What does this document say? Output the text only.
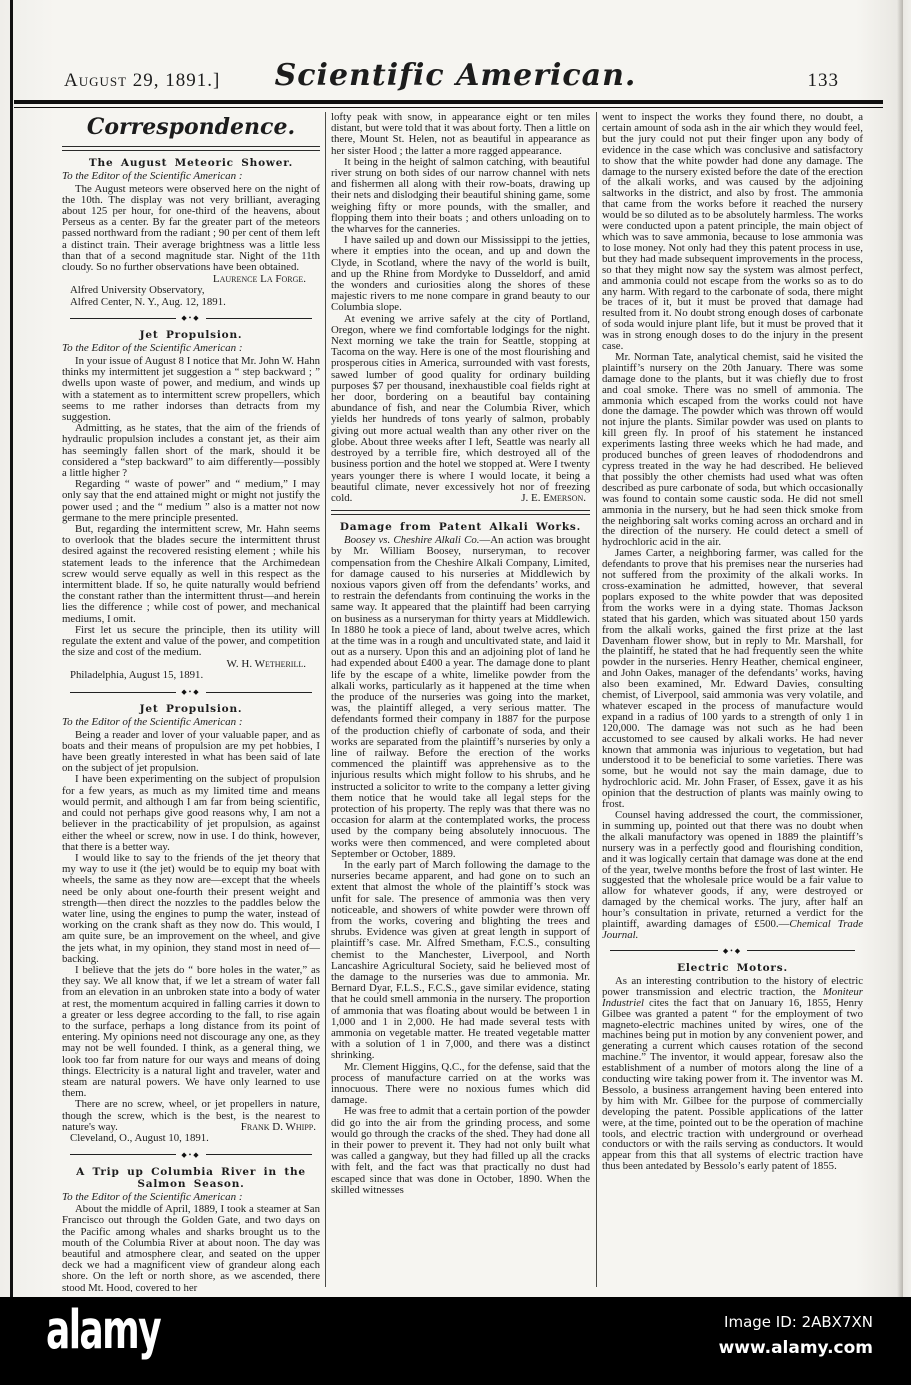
August 29, 1891.]	Scientific American.	133
Correspondence.
The August Meteoric Shower.

To the Editor of the Scientific American :

The August meteors were observed here on the night of the 10th. The display was not very brilliant, averaging about 125 per hour, for one-third of the heavens, about Perseus as a center. By far the greater part of the meteors passed northward from the radiant ; 90 per cent of them left a distinct train. Their average brightness was a little less than that of a second magnitude star. Night of the 11th cloudy. So no further observations have been obtained.

Laurence La Forge.

Alfred University Observatory,

Alfred Center, N. Y., Aug. 12, 1891.

◆•◆
Jet Propulsion.

To the Editor of the Scientific American :

In your issue of August 8 I notice that Mr. John W. Hahn thinks my intermittent jet suggestion a “ step backward ; ” dwells upon waste of power, and medium, and winds up with a statement as to intermittent screw propellers, which seems to me rather indorses than detracts from my suggestion.

Admitting, as he states, that the aim of the friends of hydraulic propulsion includes a constant jet, as their aim has seemingly fallen short of the mark, should it be considered a “step backward” to aim differently—possibly a little higher ?

Regarding “ waste of power” and “ medium,” I may only say that the end attained might or might not justify the power used ; and the “ medium ” also is a matter not now germane to the mere principle presented.

But, regarding the intermittent screw, Mr. Hahn seems to overlook that the blades secure the intermittent thrust desired against the recovered resisting element ; while his statement leads to the inference that the Archimedean screw would serve equally as well in this respect as the intermittent blade. If so, he quite naturally would befriend the constant rather than the intermittent thrust—and herein lies the difference ; while cost of power, and mechanical mediums, I omit.

First let us secure the principle, then its utility will regulate the extent and value of the power, and competition the size and cost of the medium.

W. H. Wetherill.

Philadelphia, August 15, 1891.

◆•◆
Jet Propulsion.

To the Editor of the Scientific American :

Being a reader and lover of your valuable paper, and as boats and their means of propulsion are my pet hobbies, I have been greatly interested in what has been said of late on the subject of jet propulsion.

I have been experimenting on the subject of propulsion for a few years, as much as my limited time and means would permit, and although I am far from being scientific, and could not perhaps give good reasons why, I am not a believer in the practicability of jet propulsion, as against either the wheel or screw, now in use. I do think, however, that there is a better way.

I would like to say to the friends of the jet theory that my way to use it (the jet) would be to equip my boat with wheels, the same as they now are—except that the wheels need be only about one-fourth their present weight and strength—then direct the nozzles to the paddles below the water line, using the engines to pump the water, instead of working on the crank shaft as they now do. This would, I am quite sure, be an improvement on the wheel, and give the jets what, in my opinion, they stand most in need of—backing.

I believe that the jets do “ bore holes in the water,” as they say. We all know that, if we let a stream of water fall from an elevation in an unbroken state into a body of water at rest, the momentum acquired in falling carries it down to a greater or less degree according to the fall, to rise again to the surface, perhaps a long distance from its point of entering. My opinions need not discourage any one, as they may not be well founded. I think, as a general thing, we look too far from nature for our ways and means of doing things. Electricity is a natural light and traveler, water and steam are natural powers. We have only learned to use them.

There are no screw, wheel, or jet propellers in nature, though the screw, which is the best, is the nearest to nature's way.	Frank D. Whipp.

Cleveland, O., August 10, 1891.

◆•◆
A Trip up Columbia River in the Salmon Season.

To the Editor of the Scientific American :

About the middle of April, 1889, I took a steamer at San Francisco out through the Golden Gate, and two days on the Pacific among whales and sharks brought us to the mouth of the Columbia River at about noon. The day was beautiful and atmosphere clear, and seated on the upper deck we had a magnificent view of grandeur along each shore. On the left or north shore, as we ascended, there stood Mt. Hood, covered to her

lofty peak with snow, in appearance eight or ten miles distant, but were told that it was about forty. Then a little on there, Mount St. Helen, not as beautiful in appearance as her sister Hood ; the latter a more ragged appearance.

It being in the height of salmon catching, with beautiful river strung on both sides of our narrow channel with nets and fishermen all along with their row-boats, drawing up their nets and dislodging their beautiful shining game, some weighing fifty or more pounds, with the smaller, and flopping them into their boats ; and others unloading on to the wharves for the canneries.

I have sailed up and down our Mississippi to the jetties, where it empties into the ocean, and up and down the Clyde, in Scotland, where the navy of the world is built, and up the Rhine from Mordyke to Dusseldorf, and amid the wonders and curiosities along the shores of these majestic rivers to me none compare in grand beauty to our Columbia slope.

At evening we arrive safely at the city of Portland, Oregon, where we find comfortable lodgings for the night. Next morning we take the train for Seattle, stopping at Tacoma on the way. Here is one of the most flourishing and prosperous cities in America, surrounded with vast forests, sawed lumber of good quality for ordinary building purposes $7 per thousand, inexhaustible coal fields right at her door, bordering on a beautiful bay containing abundance of fish, and near the Columbia River, which yields her hundreds of tons yearly of salmon, probably giving out more actual wealth than any other river on the globe. About three weeks after I left, Seattle was nearly all destroyed by a terrible fire, which destroyed all of the business portion and the hotel we stopped at. Were I twenty years younger there is where I would locate, it being a beautiful climate, never excessively hot nor of freezing cold.	J. E. Emerson.

Damage from Patent Alkali Works.

Boosey vs. Cheshire Alkali Co.—An action was brought by Mr. William Boosey, nurseryman, to recover compensation from the Cheshire Alkali Company, Limited, for damage caused to his nurseries at Middlewich by noxious vapors given off from the defendants’ works, and to restrain the defendants from continuing the works in the same way. It appeared that the plaintiff had been carrying on business as a nurseryman for thirty years at Middlewich. In 1880 he took a piece of land, about twelve acres, which at the time was in a rough and uncultivated state, and laid it out as a nursery. Upon this and an adjoining plot of land he had expended about £400 a year. The damage done to plant life by the escape of a white, limelike powder from the alkali works, particularly as it happened at the time when the produce of the nurseries was going into the market, was, the plaintiff alleged, a very serious matter. The defendants formed their company in 1887 for the purpose of the production chiefly of carbonate of soda, and their works are separated from the plaintiff’s nurseries by only a line of railway. Before the erection of the works commenced the plaintiff was apprehensive as to the injurious results which might follow to his shrubs, and he instructed a solicitor to write to the company a letter giving them notice that he would take all legal steps for the protection of his property. The reply was that there was no occasion for alarm at the contemplated works, the process used by the company being absolutely innocuous. The works were then commenced, and were completed about September or October, 1889.

In the early part of March following the damage to the nurseries became apparent, and had gone on to such an extent that almost the whole of the plaintiff’s stock was unfit for sale. The presence of ammonia was then very noticeable, and showers of white powder were thrown off from the works, covering and blighting the trees and shrubs. Evidence was given at great length in support of plaintiff’s case. Mr. Alfred Smetham, F.C.S., consulting chemist to the Manchester, Liverpool, and North Lancashire Agricultural Society, said he believed most of the damage to the nurseries was due to ammonia. Mr. Bernard Dyar, F.L.S., F.C.S., gave similar evidence, stating that he could smell ammonia in the nursery. The proportion of ammonia that was floating about would be between 1 in 1,000 and 1 in 2,000. He had made several tests with ammonia on vegetable matter. He treated vegetable matter with a solution of 1 in 7,000, and there was a distinct shrinking.

Mr. Clement Higgins, Q.C., for the defense, said that the process of manufacture carried on at the works was innocuous. There were no noxious fumes which did damage.

He was free to admit that a certain portion of the powder did go into the air from the grinding process, and some would go through the cracks of the shed. They had done all in their power to prevent it. They had not only built what was called a gangway, but they had filled up all the cracks with felt, and the fact was that practically no dust had escaped since that was done in October, 1890. When the skilled witnesses

went to inspect the works they found there, no doubt, a certain amount of soda ash in the air which they would feel, but the jury could not put their finger upon any body of evidence in the case which was conclusive and satisfactory to show that the white powder had done any damage. The damage to the nursery existed before the date of the erection of the alkali works, and was caused by the adjoining saltworks in the district, and also by frost. The ammonia that came from the works before it reached the nursery would be so diluted as to be absolutely harmless. The works were conducted upon a patent principle, the main object of which was to save ammonia, because to lose ammonia was to lose money. Not only had they this patent process in use, but they had made subsequent improvements in the process, so that they might now say the system was almost perfect, and ammonia could not escape from the works so as to do any harm. With regard to the carbonate of soda, there might be traces of it, but it must be proved that damage had resulted from it. No doubt strong enough doses of carbonate of soda would injure plant life, but it must be proved that it was in strong enough doses to do the injury in the present case.

Mr. Norman Tate, analytical chemist, said he visited the plaintiff’s nursery on the 20th January. There was some damage done to the plants, but it was chiefly due to frost and coal smoke. There was no smell of ammonia. The ammonia which escaped from the works could not have done the damage. The powder which was thrown off would not injure the plants. Similar powder was used on plants to kill green fly. In proof of his statement he instanced experiments lasting three weeks which he had made, and produced bunches of green leaves of rhododendrons and cypress treated in the way he had described. He believed that possibly the other chemists had used what was often described as pure carbonate of soda, but which occasionally was found to contain some caustic soda. He did not smell ammonia in the nursery, but he had seen thick smoke from the neighboring salt works coming across an orchard and in the direction of the nursery. He could detect a smell of hydrochloric acid in the air.

James Carter, a neighboring farmer, was called for the defendants to prove that his premises near the nurseries had not suffered from the proximity of the alkali works. In cross-examination he admitted, however, that several poplars exposed to the white powder that was deposited from the works were in a dying state. Thomas Jackson stated that his garden, which was situated about 150 yards from the alkali works, gained the first prize at the last Davenham flower show, but in reply to Mr. Marshall, for the plaintiff, he stated that he had frequently seen the white powder in the nurseries. Henry Heather, chemical engineer, and John Oakes, manager of the defendants’ works, having also been examined, Mr. Edward Davies, consulting chemist, of Liverpool, said ammonia was very volatile, and whatever escaped in the process of manufacture would expand in a radius of 100 yards to a strength of only 1 in 120,000. The damage was not such as he had been accustomed to see caused by alkali works. He had never known that ammonia was injurious to vegetation, but had understood it to be beneficial to some varieties. There was some, but he would not say the main damage, due to hydrochloric acid. Mr. John Fraser, of Essex, gave it as his opinion that the destruction of plants was mainly owing to frost.

Counsel having addressed the court, the commissioner, in summing up, pointed out that there was no doubt when the alkali manufactory was opened in 1889 the plaintiff’s nursery was in a perfectly good and flourishing condition, and it was logically certain that damage was done at the end of the year, twelve months before the frost of last winter. He suggested that the wholesale price would be a fair value to allow for whatever goods, if any, were destroyed or damaged by the chemical works. The jury, after half an hour’s consultation in private, returned a verdict for the plaintiff, awarding damages of £500.—Chemical Trade Journal.

◆•◆
Electric Motors.

As an interesting contribution to the history of electric power transmission and electric traction, the Moniteur Industriel cites the fact that on January 16, 1855, Henry Gilbee was granted a patent “ for the employment of two magneto-electric machines united by wires, one of the machines being put in motion by any convenient power, and generating a current which causes rotation of the second machine.” The inventor, it would appear, foresaw also the establishment of a number of motors along the line of a conducting wire taking power from it. The inventor was M. Bessolo, a business arrangement having been entered into by him with Mr. Gilbee for the purpose of commercially developing the patent. Possible applications of the latter were, at the time, pointed out to be the operation of machine tools, and electric traction with underground or overhead conductors or with the rails serving as conductors. It would appear from this that all systems of electric traction have thus been antedated by Bessolo’s early patent of 1855.

alamy	Image ID: 2ABX7XN
www.alamy.com
